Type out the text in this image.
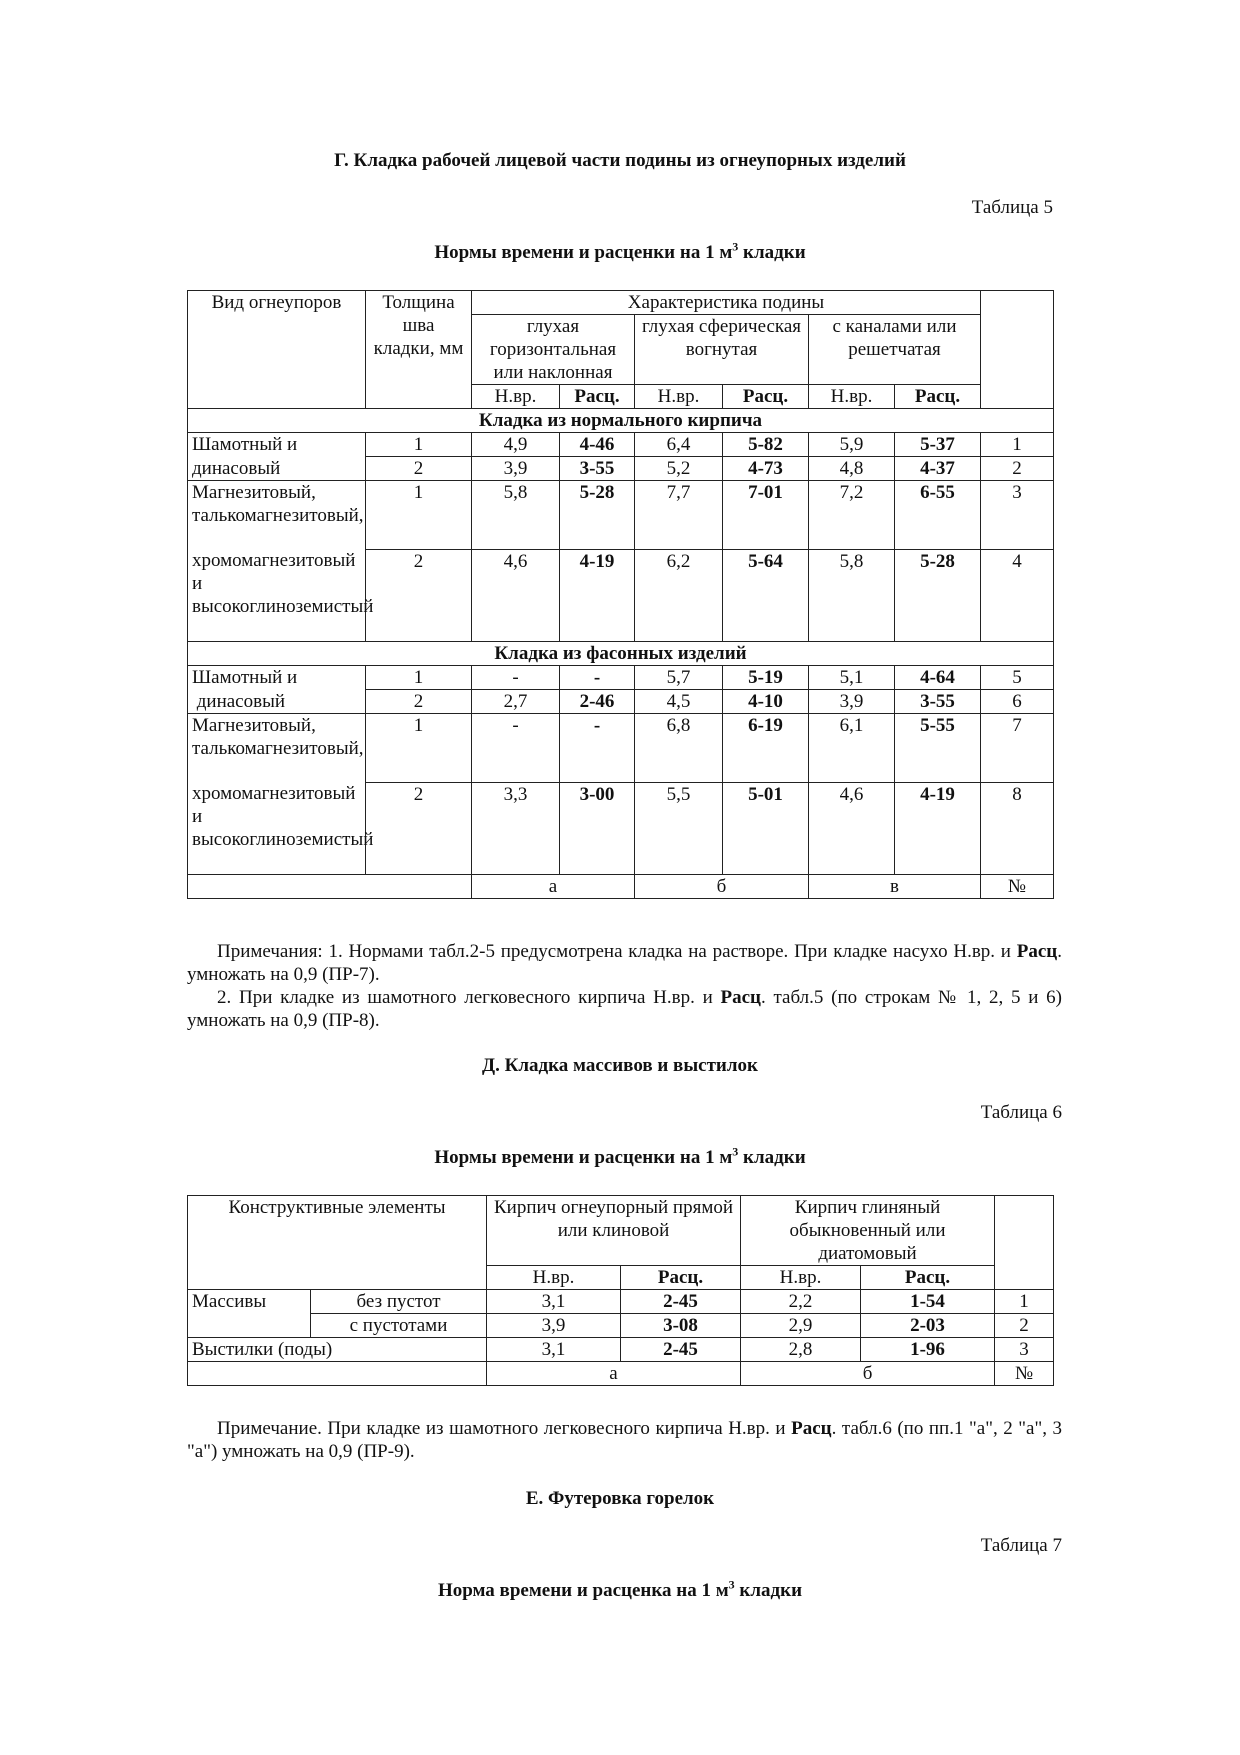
Г. Кладка рабочей лицевой части подины из огнеупорных изделий
Таблица 5
Нормы времени и расценки на 1 $м^3$ кладки
Вид огнеупоров	Толщина шва кладки, мм	Характеристика подины						
		глухая горизонтальная или наклонная		глухая сферическая вогнутая		с каналами или решетчатая		
		Н.вр.	Расц.	Н.вр.	Расц.	Н.вр.	Расц.	
Кладка из нормального кирпича								
Шамотный и	1	4,9	4-46	6,4	5-82	5,9	5-37	1
динасовый	2	3,9	3-55	5,2	4-73	4,8	4-37	2
Магнезитовый, талькомагнезитовый,	1	5,8	5-28	7,7	7-01	7,2	6-55	3
хромомагнезитовый и высокоглиноземистый	2	4,6	4-19	6,2	5-64	5,8	5-28	4
Кладка из фасонных изделий								
Шамотный и	1	-	-	5,7	5-19	5,1	4-64	5
динасовый	2	2,7	2-46	4,5	4-10	3,9	3-55	6
Магнезитовый, талькомагнезитовый,	1	-	-	6,8	6-19	6,1	5-55	7
хромомагнезитовый и высокоглиноземистый	2	3,3	3-00	5,5	5-01	4,6	4-19	8
		а		б		в		№

Примечания: 1. Нормами табл.2-5 предусмотрена кладка на растворе. При кладке насухо Н.вр. и Расц. умножать на 0,9 (ПР-7).

2. При кладке из шамотного легковесного кирпича Н.вр. и Расц. табл.5 (по строкам № 1, 2, 5 и 6) умножать на 0,9 (ПР-8).

Д. Кладка массивов и выстилок
Таблица 6
Нормы времени и расценки на 1 $м^3$ кладки
Конструктивные элементы		Кирпич огнеупорный прямой или клиновой		Кирпич глиняный обыкновенный или диатомовый		
		Н.вр.	Расц.	Н.вр.	Расц.	
Массивы	без пустот	3,1	2-45	2,2	1-54	1
	с пустотами	3,9	3-08	2,9	2-03	2
Выстилки (поды)		3,1	2-45	2,8	1-96	3
		а		б		№

Примечание. При кладке из шамотного легковесного кирпича Н.вр. и Расц. табл.6 (по пп.1 "а", 2 "а", 3 "а") умножать на 0,9 (ПР-9).

Е. Футеровка горелок
Таблица 7
Норма времени и расценка на 1 $м^3$ кладки
